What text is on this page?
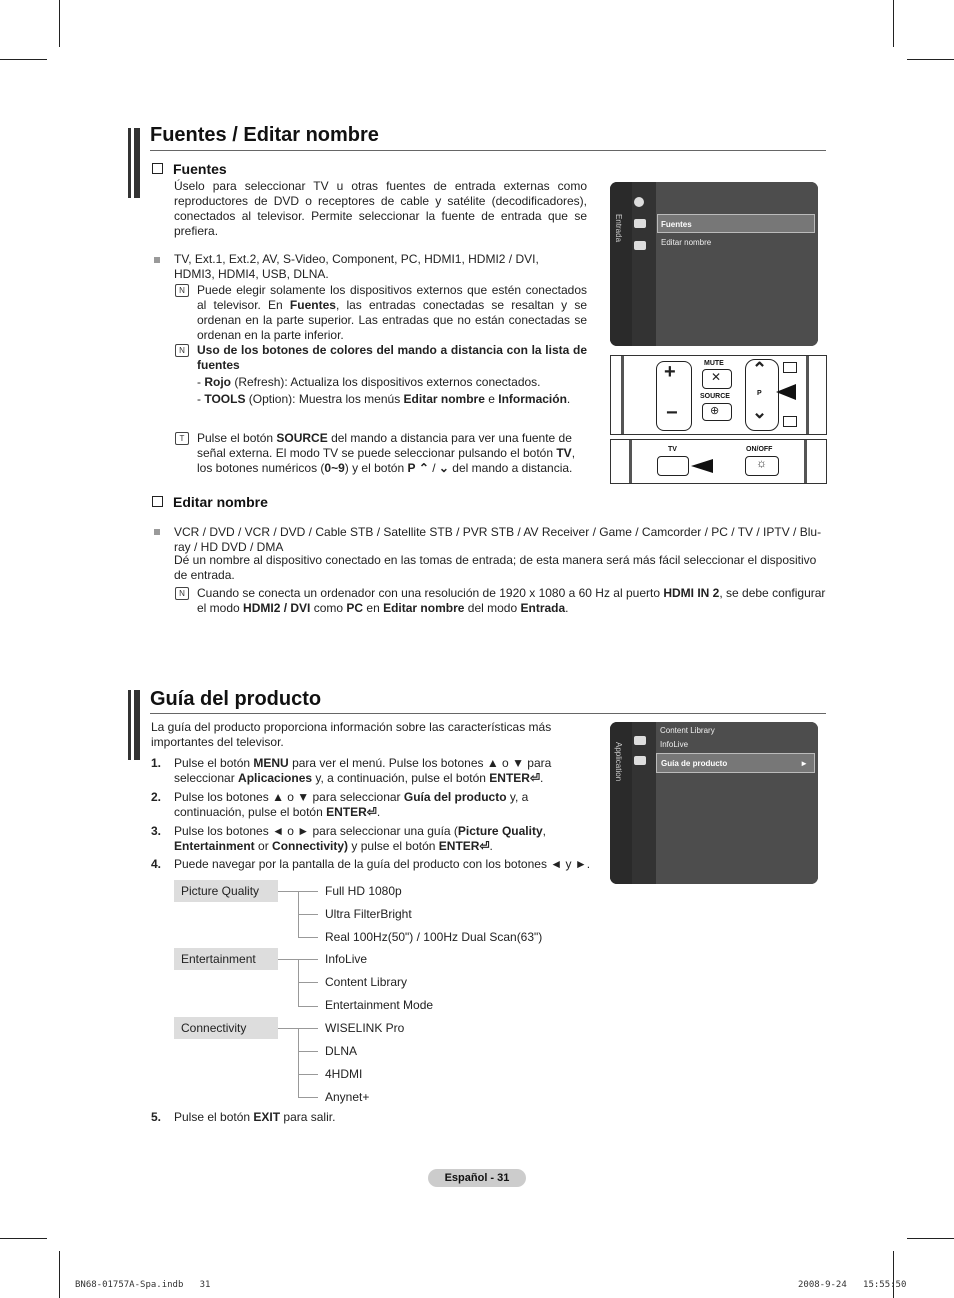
Fuentes / Editar nombre
Fuentes
Úselo para seleccionar TV u otras fuentes de entrada externas como reproductores de DVD o receptores de cable y satélite (decodificadores), conectados al televisor. Permite seleccionar la fuente de entrada que se prefiera.
TV, Ext.1, Ext.2, AV, S-Video, Component, PC, HDMI1, HDMI2 / DVI, HDMI3, HDMI4, USB, DLNA.
N	Puede elegir solamente los dispositivos externos que estén conectados al televisor. En Fuentes, las entradas conectadas se resaltan y se ordenan en la parte superior. Las entradas que no están conectadas se ordenan en la parte inferior.
N	Uso de los botones de colores del mando a distancia con la lista de fuentes
- Rojo (Refresh): Actualiza los dispositivos externos conectados.
- TOOLS (Option): Muestra los menús Editar nombre e Información.
T	Pulse el botón SOURCE del mando a distancia para ver una fuente de señal externa. El modo TV se puede seleccionar pulsando el botón TV, los botones numéricos (0~9) y el botón P ⌃ / ⌄ del mando a distancia.
Entrada	Fuentes
Editar nombre
+
−
MUTE
✕
SOURCE
⊕
⌃
P
⌄
TV	ON/OFF
☼
Editar nombre
VCR / DVD / VCR / DVD / Cable STB / Satellite STB / PVR STB / AV Receiver / Game / Camcorder / PC / TV / IPTV / Blu-ray / HD DVD / DMA
Dé un nombre al dispositivo conectado en las tomas de entrada; de esta manera será más fácil seleccionar el dispositivo de entrada.
N	Cuando se conecta un ordenador con una resolución de 1920 x 1080 a 60 Hz al puerto HDMI IN 2, se debe configurar el modo HDMI2 / DVI como PC en Editar nombre del modo Entrada.
Guía del producto
La guía del producto proporciona información sobre las características más importantes del televisor.
1. Pulse el botón MENU para ver el menú. Pulse los botones ▲ o ▼ para seleccionar Aplicaciones y, a continuación, pulse el botón ENTER⏎.
2. Pulse los botones ▲ o ▼ para seleccionar Guía del producto y, a continuación, pulse el botón ENTER⏎.
3. Pulse los botones ◄ o ► para seleccionar una guía (Picture Quality, Entertainment or Connectivity) y pulse el botón ENTER⏎.
4. Puede navegar por la pantalla de la guía del producto con los botones ◄ y ►.
Application
Content Library
InfoLive
Guía de producto	►
Picture Quality
Entertainment
Connectivity
Full HD 1080p
Ultra FilterBright
Real 100Hz(50") / 100Hz Dual Scan(63")
InfoLive
Content Library
Entertainment Mode
WISELINK Pro
DLNA
4HDMI
Anynet+
5. Pulse el botón EXIT para salir.
Español - 31
BN68-01757A-Spa.indb   31	2008-9-24   15:55:50
